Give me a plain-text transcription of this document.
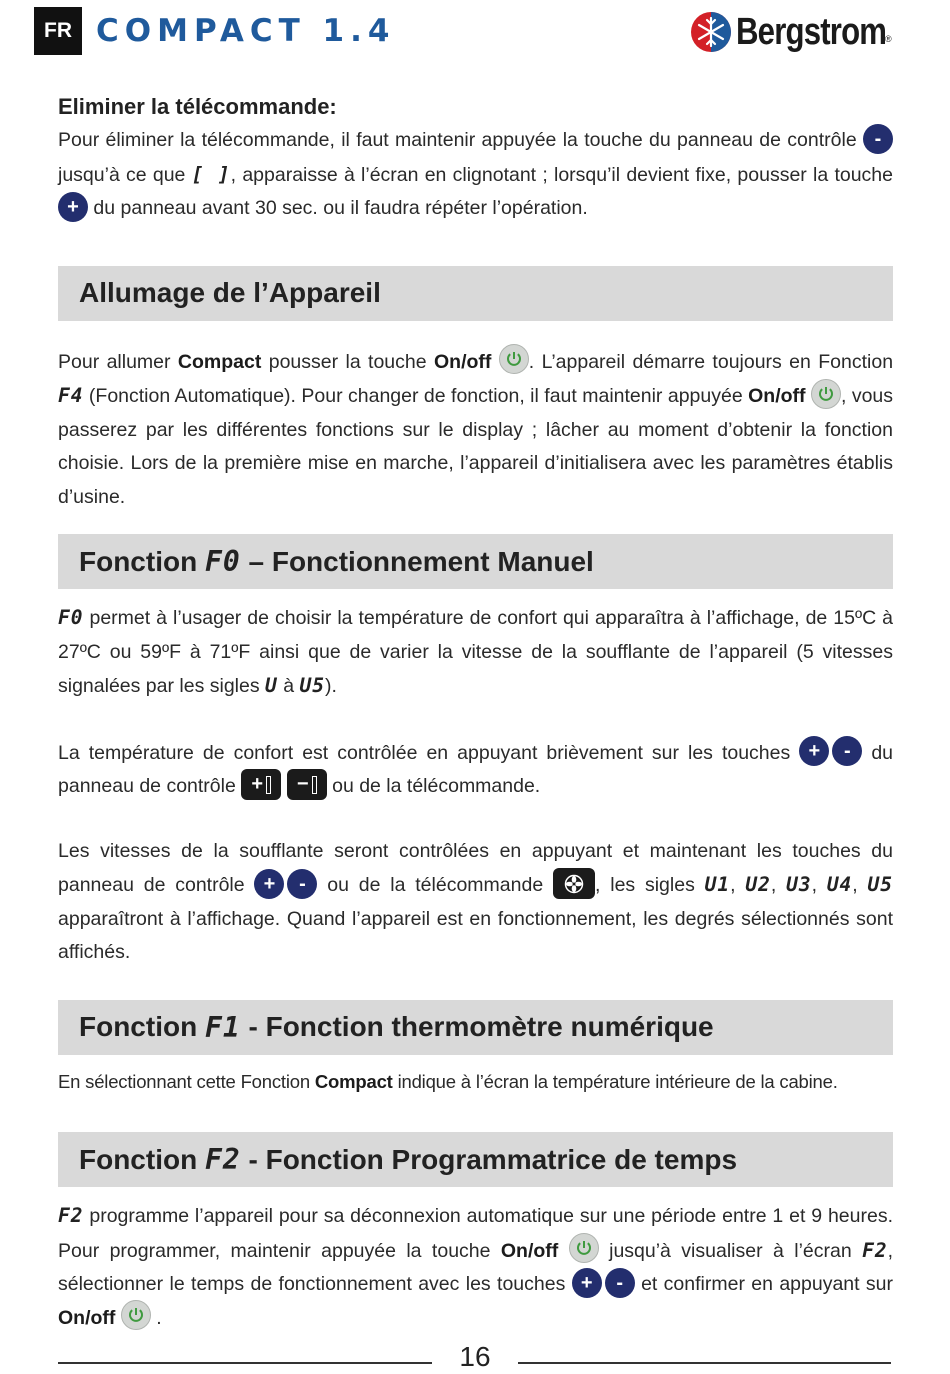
FR COMPACT 1.4	Bergstrom
®
Eliminer la télécommande:

Pour éliminer la télécommande, il faut maintenir appuyée la touche du panneau de contrôle - jusqu’à ce que [ ], apparaisse à l’écran en clignotant ; lorsqu’il devient fixe, pousser la touche + du panneau avant 30 sec. ou il faudra répéter l’opération.

Allumage de l’Appareil

Pour allumer Compact pousser la touche On/off . L’appareil démarre toujours en Fonction F4 (Fonction Automatique). Pour changer de fonction, il faut maintenir appuyée On/off , vous passerez par les différentes fonctions sur le display ; lâcher au moment d’obtenir la fonction choisie. Lors de la première mise en marche, l’appareil d’initialisera avec les paramètres établis d’usine.

Fonction
F0
– Fonctionnement Manuel

F0 permet à l’usager de choisir la température de confort qui apparaîtra à l’affichage, de 15ºC à 27ºC ou 59ºF à 71ºF ainsi que de varier la vitesse de la soufflante de l’appareil (5 vitesses signalées par les sigles U à U5).

La température de confort est contrôlée en appuyant brièvement sur les touches + - du panneau de contrôle +
− ou de la télécommande.

Les vitesses de la soufflante seront contrôlées en appuyant et maintenant les touches du panneau de contrôle + - ou de la télécommande	, les sigles U1, U2, U3, U4, U5 apparaîtront à l’affichage. Quand l’appareil est en fonctionnement, les degrés sélectionnés sont affichés.

Fonction
F1
- Fonction thermomètre numérique

En sélectionnant cette Fonction Compact indique à l’écran la température intérieure de la cabine.

Fonction
F2
- Fonction Programmatrice de temps

F2 programme l’appareil pour sa déconnexion automatique sur une période entre 1 et 9 heures. Pour programmer, maintenir appuyée la touche On/off	jusqu’à visualiser à l’écran F2, sélectionner le temps de fonctionnement avec les touches + - et confirmer en appuyant sur On/off .

16
